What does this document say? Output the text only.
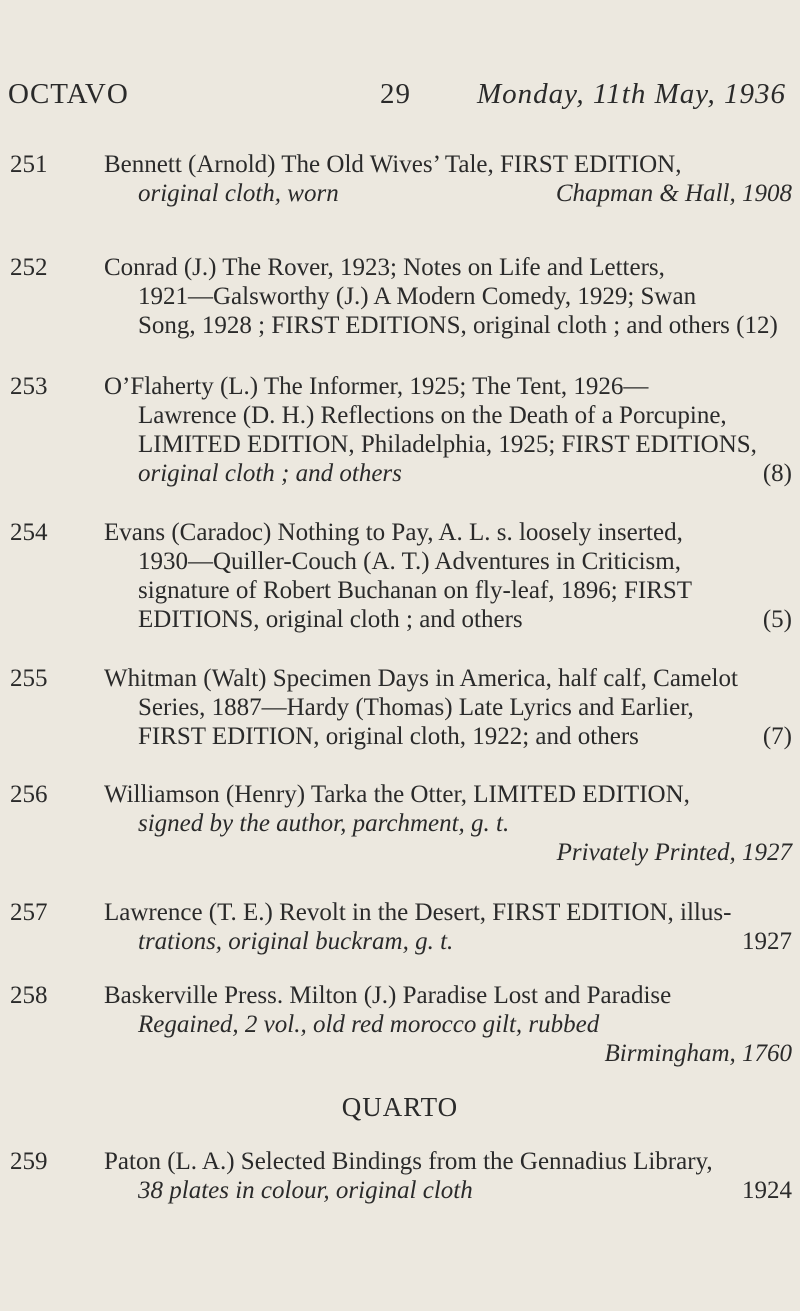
OCTAVO	29 Monday, 11th May, 1936
251	Bennett (Arnold) The Old Wives’ Tale, FIRST EDITION,
original cloth, worn	Chapman & Hall, 1908
252	Conrad (J.) The Rover, 1923; Notes on Life and Letters,
1921—Galsworthy (J.) A Modern Comedy, 1929; Swan
Song, 1928 ; FIRST EDITIONS, original cloth ; and others (12)
253	O’Flaherty (L.) The Informer, 1925; The Tent, 1926—
Lawrence (D. H.) Reflections on the Death of a Porcupine,
LIMITED EDITION, Philadelphia, 1925; FIRST EDITIONS,
original cloth ; and others	(8)
254	Evans (Caradoc) Nothing to Pay, A. L. s. loosely inserted,
1930—Quiller-Couch (A. T.) Adventures in Criticism,
signature of Robert Buchanan on fly-leaf, 1896; FIRST
EDITIONS, original cloth ; and others	(5)
255	Whitman (Walt) Specimen Days in America, half calf, Camelot
Series, 1887—Hardy (Thomas) Late Lyrics and Earlier,
FIRST EDITION, original cloth, 1922; and others	(7)
256	Williamson (Henry) Tarka the Otter, LIMITED EDITION,
signed by the author, parchment, g. t.
Privately Printed, 1927
257	Lawrence (T. E.) Revolt in the Desert, FIRST EDITION, illus-
trations, original buckram, g. t.	1927
258	Baskerville Press. Milton (J.) Paradise Lost and Paradise
Regained, 2 vol., old red morocco gilt, rubbed
Birmingham, 1760
QUARTO
259	Paton (L. A.) Selected Bindings from the Gennadius Library,
38 plates in colour, original cloth	1924
